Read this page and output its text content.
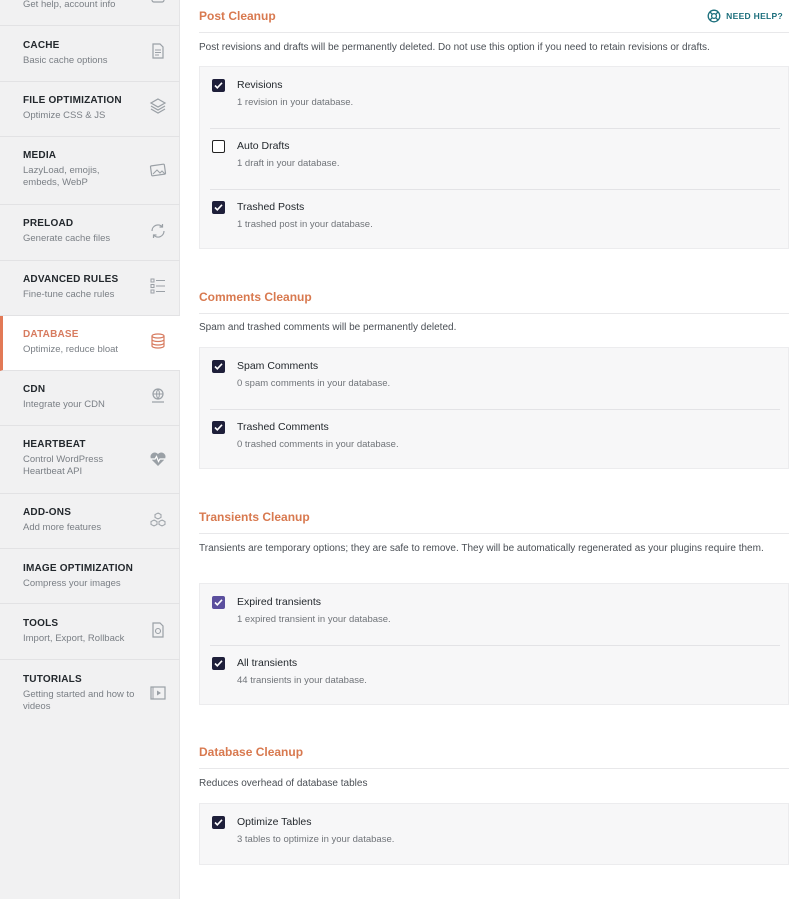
Get help, account info
CACHE
Basic cache options
FILE OPTIMIZATION
Optimize CSS & JS
MEDIA
LazyLoad, emojis, embeds, WebP
PRELOAD
Generate cache files
ADVANCED RULES
Fine-tune cache rules
DATABASE
Optimize, reduce bloat
CDN
Integrate your CDN
HEARTBEAT
Control WordPress Heartbeat API
ADD-ONS
Add more features
IMAGE OPTIMIZATION
Compress your images
TOOLS
Import, Export, Rollback
TUTORIALS
Getting started and how to videos
NEED HELP?
Post Cleanup

Post revisions and drafts will be permanently deleted. Do not use this option if you need to retain revisions or drafts.

Revisions
1 revision in your database.
Auto Drafts
1 draft in your database.
Trashed Posts
1 trashed post in your database.
Comments Cleanup

Spam and trashed comments will be permanently deleted.

Spam Comments
0 spam comments in your database.
Trashed Comments
0 trashed comments in your database.
Transients Cleanup

Transients are temporary options; they are safe to remove. They will be automatically regenerated as your plugins require them.

Expired transients
1 expired transient in your database.
All transients
44 transients in your database.
Database Cleanup

Reduces overhead of database tables

Optimize Tables
3 tables to optimize in your database.
